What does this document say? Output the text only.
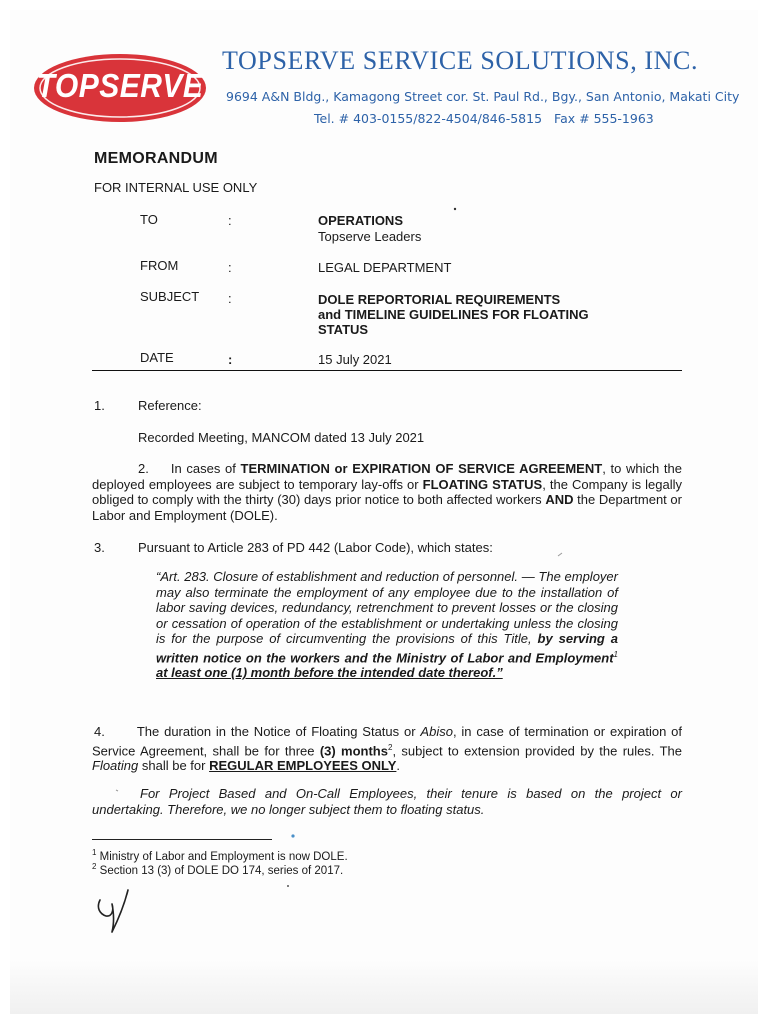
TOPSERVE
TOPSERVE SERVICE SOLUTIONS, INC.
9694 A&N Bldg., Kamagong Street cor. St. Paul Rd., Bgy., San Antonio, Makati City
Tel. # 403-0155/822-4504/846-5815 Fax # 555-1963
MEMORANDUM
FOR INTERNAL USE ONLY
TO	:	OPERATIONS
Topserve Leaders
FROM	:	LEGAL DEPARTMENT
SUBJECT :	DOLE REPORTORIAL REQUIREMENTS
and TIMELINE GUIDELINES FOR FLOATING
STATUS
DATE	:	15 July 2021
1.	Reference:
Recorded Meeting, MANCOM dated 13 July 2021
2. In cases of TERMINATION or EXPIRATION OF SERVICE AGREEMENT, to which the deployed employees are subject to temporary lay-offs or FLOATING STATUS, the Company is legally obliged to comply with the thirty (30) days prior notice to both affected workers AND the Department or Labor and Employment (DOLE).
3.	Pursuant to Article 283 of PD 442 (Labor Code), which states:
“Art. 283. Closure of establishment and reduction of personnel. — The employer may also terminate the employment of any employee due to the installation of labor saving devices, redundancy, retrenchment to prevent losses or the closing or cessation of operation of the establishment or undertaking unless the closing is for the purpose of circumventing the provisions of this Title, by serving a written notice on the workers and the Ministry of Labor and Employment$^1$ at least one (1) month before the intended date thereof.”
4. The duration in the Notice of Floating Status or Abiso, in case of termination or expiration of Service Agreement, shall be for three (3) months$^2$, subject to extension provided by the rules. The Floating shall be for REGULAR EMPLOYEES ONLY.
For Project Based and On-Call Employees, their tenure is based on the project or undertaking. Therefore, we no longer subject them to floating status.
$^1$ Ministry of Labor and Employment is now DOLE.
$^2$ Section 13 (3) of DOLE DO 174, series of 2017.
